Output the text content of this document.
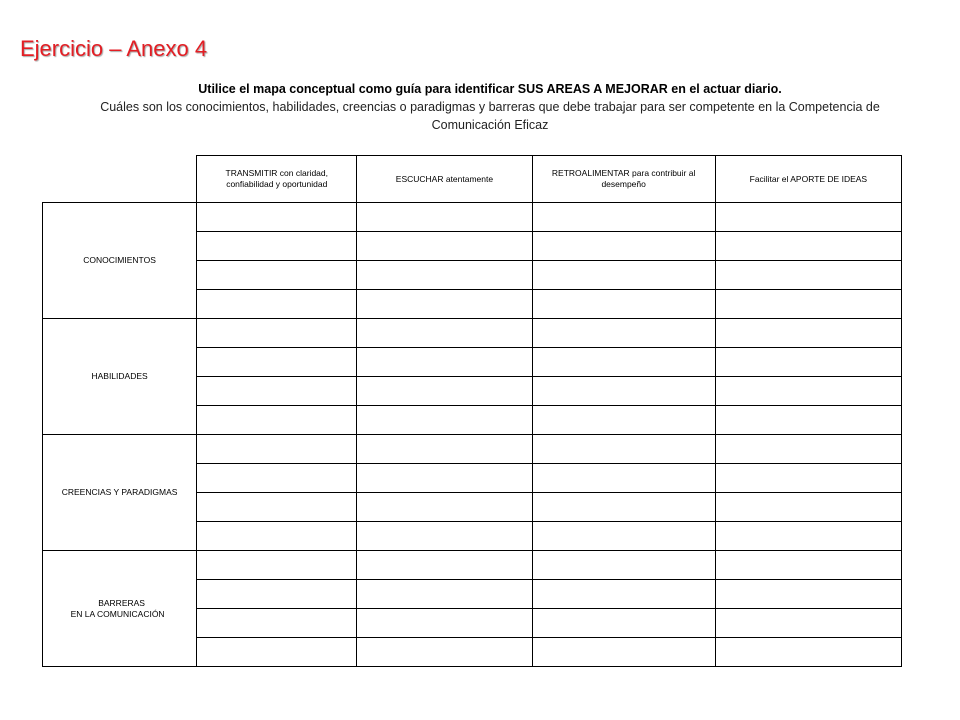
Ejercicio – Anexo 4
Utilice el mapa conceptual como guía para identificar SUS AREAS A MEJORAR en el actuar diario.
Cuáles son los conocimientos, habilidades, creencias o paradigmas y barreras que debe trabajar para ser competente en la Competencia de Comunicación Eficaz

	TRANSMITIR con claridad, confiabilidad y oportunidad	ESCUCHAR atentamente	RETROALIMENTAR para contribuir al desempeño	Facilitar el APORTE DE IDEAS

CONOCIMIENTOS				

HABILIDADES				

CREENCIAS Y PARADIGMAS				

BARRERAS
EN LA COMUNICACIÓN				
